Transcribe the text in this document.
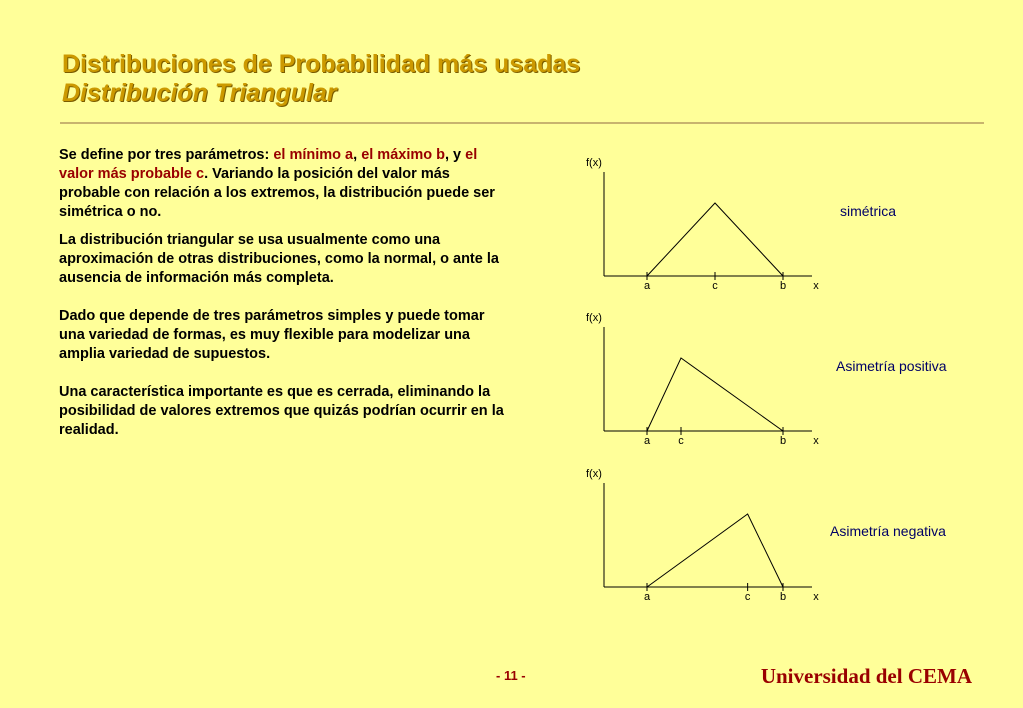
Distribuciones de Probabilidad más usadas
Distribución Triangular

Se define por tres parámetros: el mínimo a, el máximo b, y el valor más probable c. Variando la posición del valor más probable con relación a los extremos, la distribución puede ser simétrica o no.

La distribución triangular se usa usualmente como una aproximación de otras distribuciones, como la normal, o ante la ausencia de información más completa.

Dado que depende de tres parámetros simples y puede tomar una variedad de formas, es muy flexible para modelizar una amplia variedad de supuestos.

Una característica importante es que es cerrada, eliminando la posibilidad de valores extremos que quizás podrían ocurrir en la realidad.

f(x)
a	c	b x
simétrica
f(x)
a	c	b x
Asimetría positiva
f(x)
a	c	b x
Asimetría negativa
- 11 -	Universidad del CEMA
